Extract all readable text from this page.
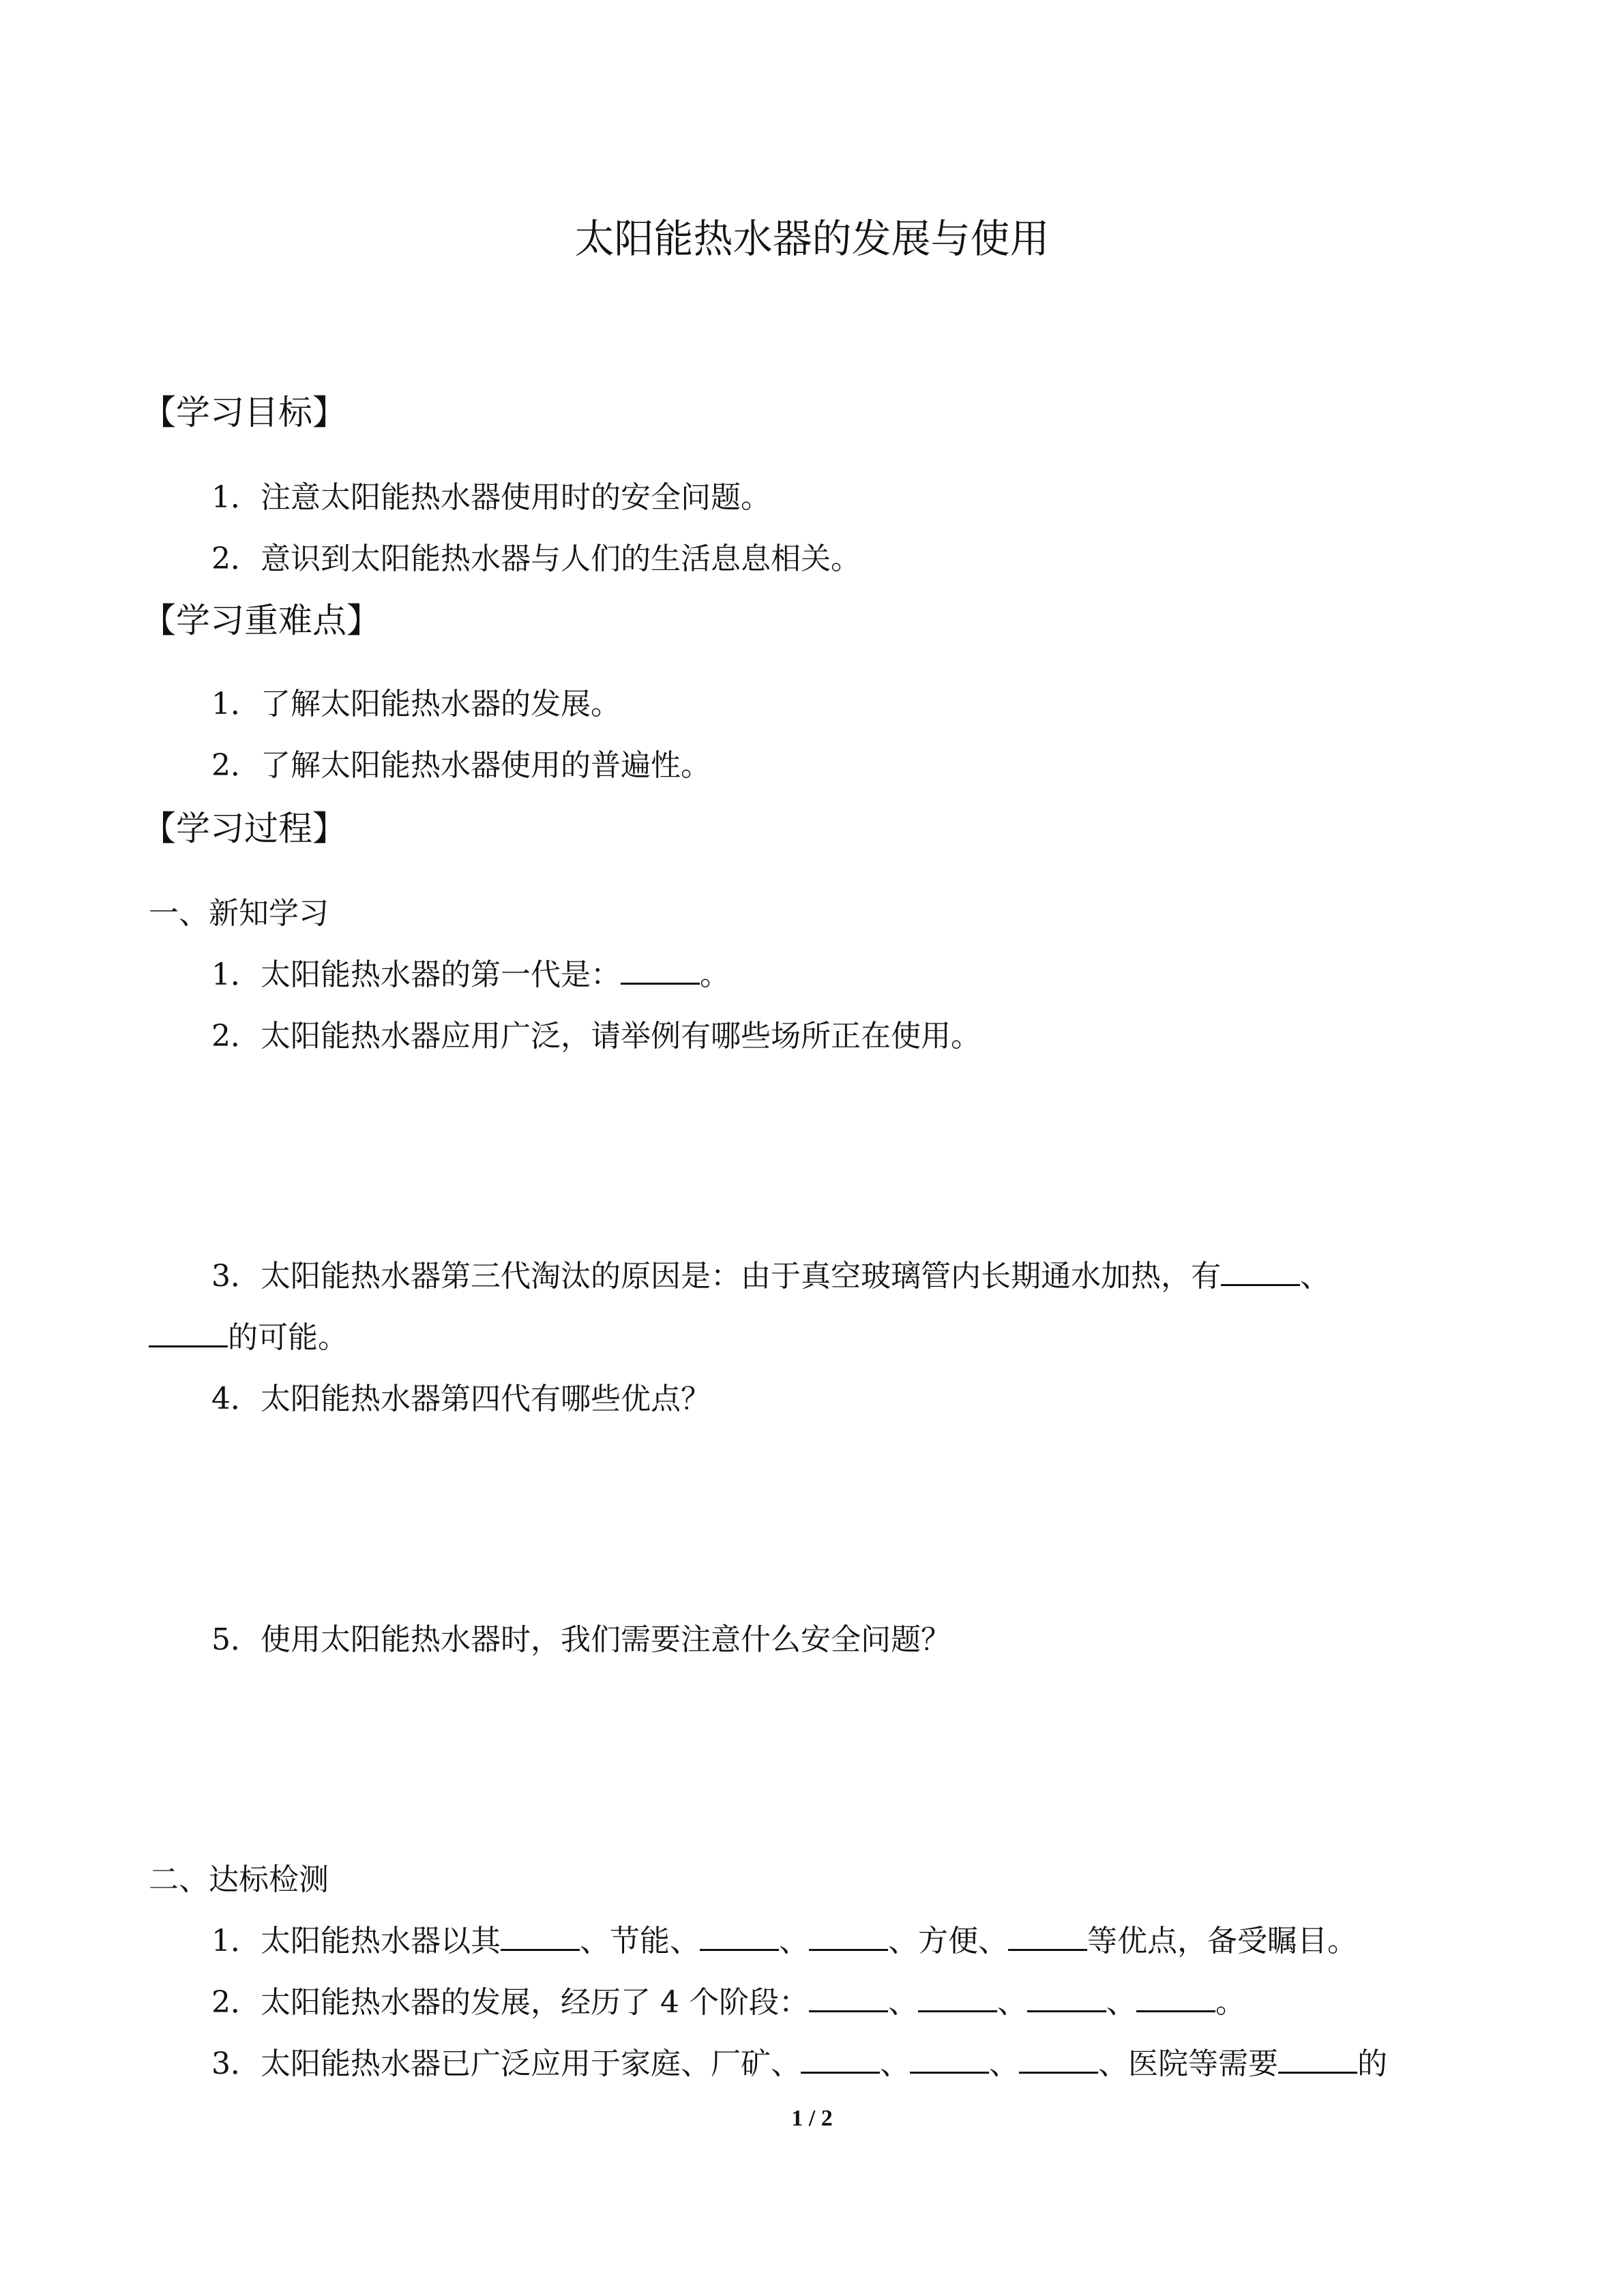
太阳能热水器的发展与使用
【学习目标】
1．注意太阳能热水器使用时的安全问题。
2．意识到太阳能热水器与人们的生活息息相关。
【学习重难点】
1．了解太阳能热水器的发展。
2．了解太阳能热水器使用的普遍性。
【学习过程】
一、新知学习
1．太阳能热水器的第一代是：	。
2．太阳能热水器应用广泛，请举例有哪些场所正在使用。
3．太阳能热水器第三代淘汰的原因是：由于真空玻璃管内长期通水加热，有	、
的可能。
4．太阳能热水器第四代有哪些优点？
5．使用太阳能热水器时，我们需要注意什么安全问题？
二、达标检测
1．太阳能热水器以其	、节能、	、	、方便、	等优点，备受瞩目。
2．太阳能热水器的发展，经历了 4 个阶段：	、	、	、	。
3．太阳能热水器已广泛应用于家庭、厂矿、	、	、	、医院等需要	的
1 / 2
